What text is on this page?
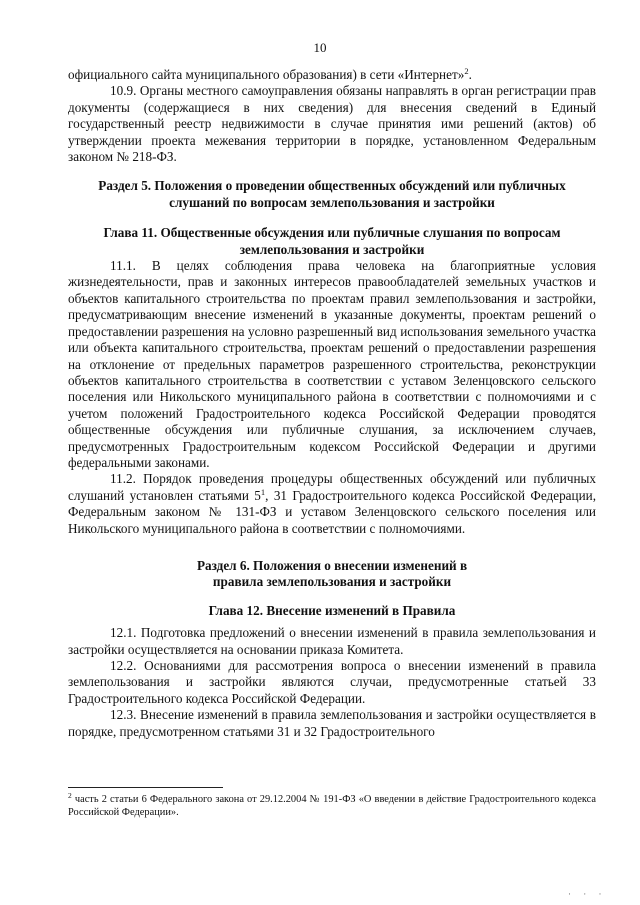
10

официального сайта муниципального образования) в сети «Интернет»$^2$.

10.9. Органы местного самоуправления обязаны направлять в орган регистрации прав документы (содержащиеся в них сведения) для внесения сведений в Единый государственный реестр недвижимости в случае принятия ими решений (актов) об утверждении проекта межевания территории в порядке, установленном Федеральным законом № 218-ФЗ.

Раздел 5. Положения о проведении общественных обсуждений или публичных слушаний по вопросам землепользования и застройки

Глава 11. Общественные обсуждения или публичные слушания по вопросам землепользования и застройки

11.1. В целях соблюдения права человека на благоприятные условия жизнедеятельности, прав и законных интересов правообладателей земельных участков и объектов капитального строительства по проектам правил землепользования и застройки, предусматривающим внесение изменений в указанные документы, проектам решений о предоставлении разрешения на условно разрешенный вид использования земельного участка или объекта капитального строительства, проектам решений о предоставлении разрешения на отклонение от предельных параметров разрешенного строительства, реконструкции объектов капитального строительства в соответствии с уставом Зеленцовского сельского поселения или Никольского муниципального района в соответствии с полномочиями и с учетом положений Градостроительного кодекса Российской Федерации проводятся общественные обсуждения или публичные слушания, за исключением случаев, предусмотренных Градостроительным кодексом Российской Федерации и другими федеральными законами.

11.2. Порядок проведения процедуры общественных обсуждений или публичных слушаний установлен статьями $5^1$, 31 Градостроительного кодекса Российской Федерации, Федеральным законом № 131-ФЗ и уставом Зеленцовского сельского поселения или Никольского муниципального района в соответствии с полномочиями.

Раздел 6. Положения о внесении изменений в

правила землепользования и застройки

Глава 12. Внесение изменений в Правила

12.1. Подготовка предложений о внесении изменений в правила землепользования и застройки осуществляется на основании приказа Комитета.

12.2. Основаниями для рассмотрения вопроса о внесении изменений в правила землепользования и застройки являются случаи, предусмотренные статьей 33 Градостроительного кодекса Российской Федерации.

12.3. Внесение изменений в правила землепользования и застройки осуществляется в порядке, предусмотренном статьями 31 и 32 Градостроительного

$^2$ часть 2 статьи 6 Федерального закона от 29.12.2004 № 191-ФЗ «О введении в действие Градостроительного кодекса Российской Федерации».
· · ·
